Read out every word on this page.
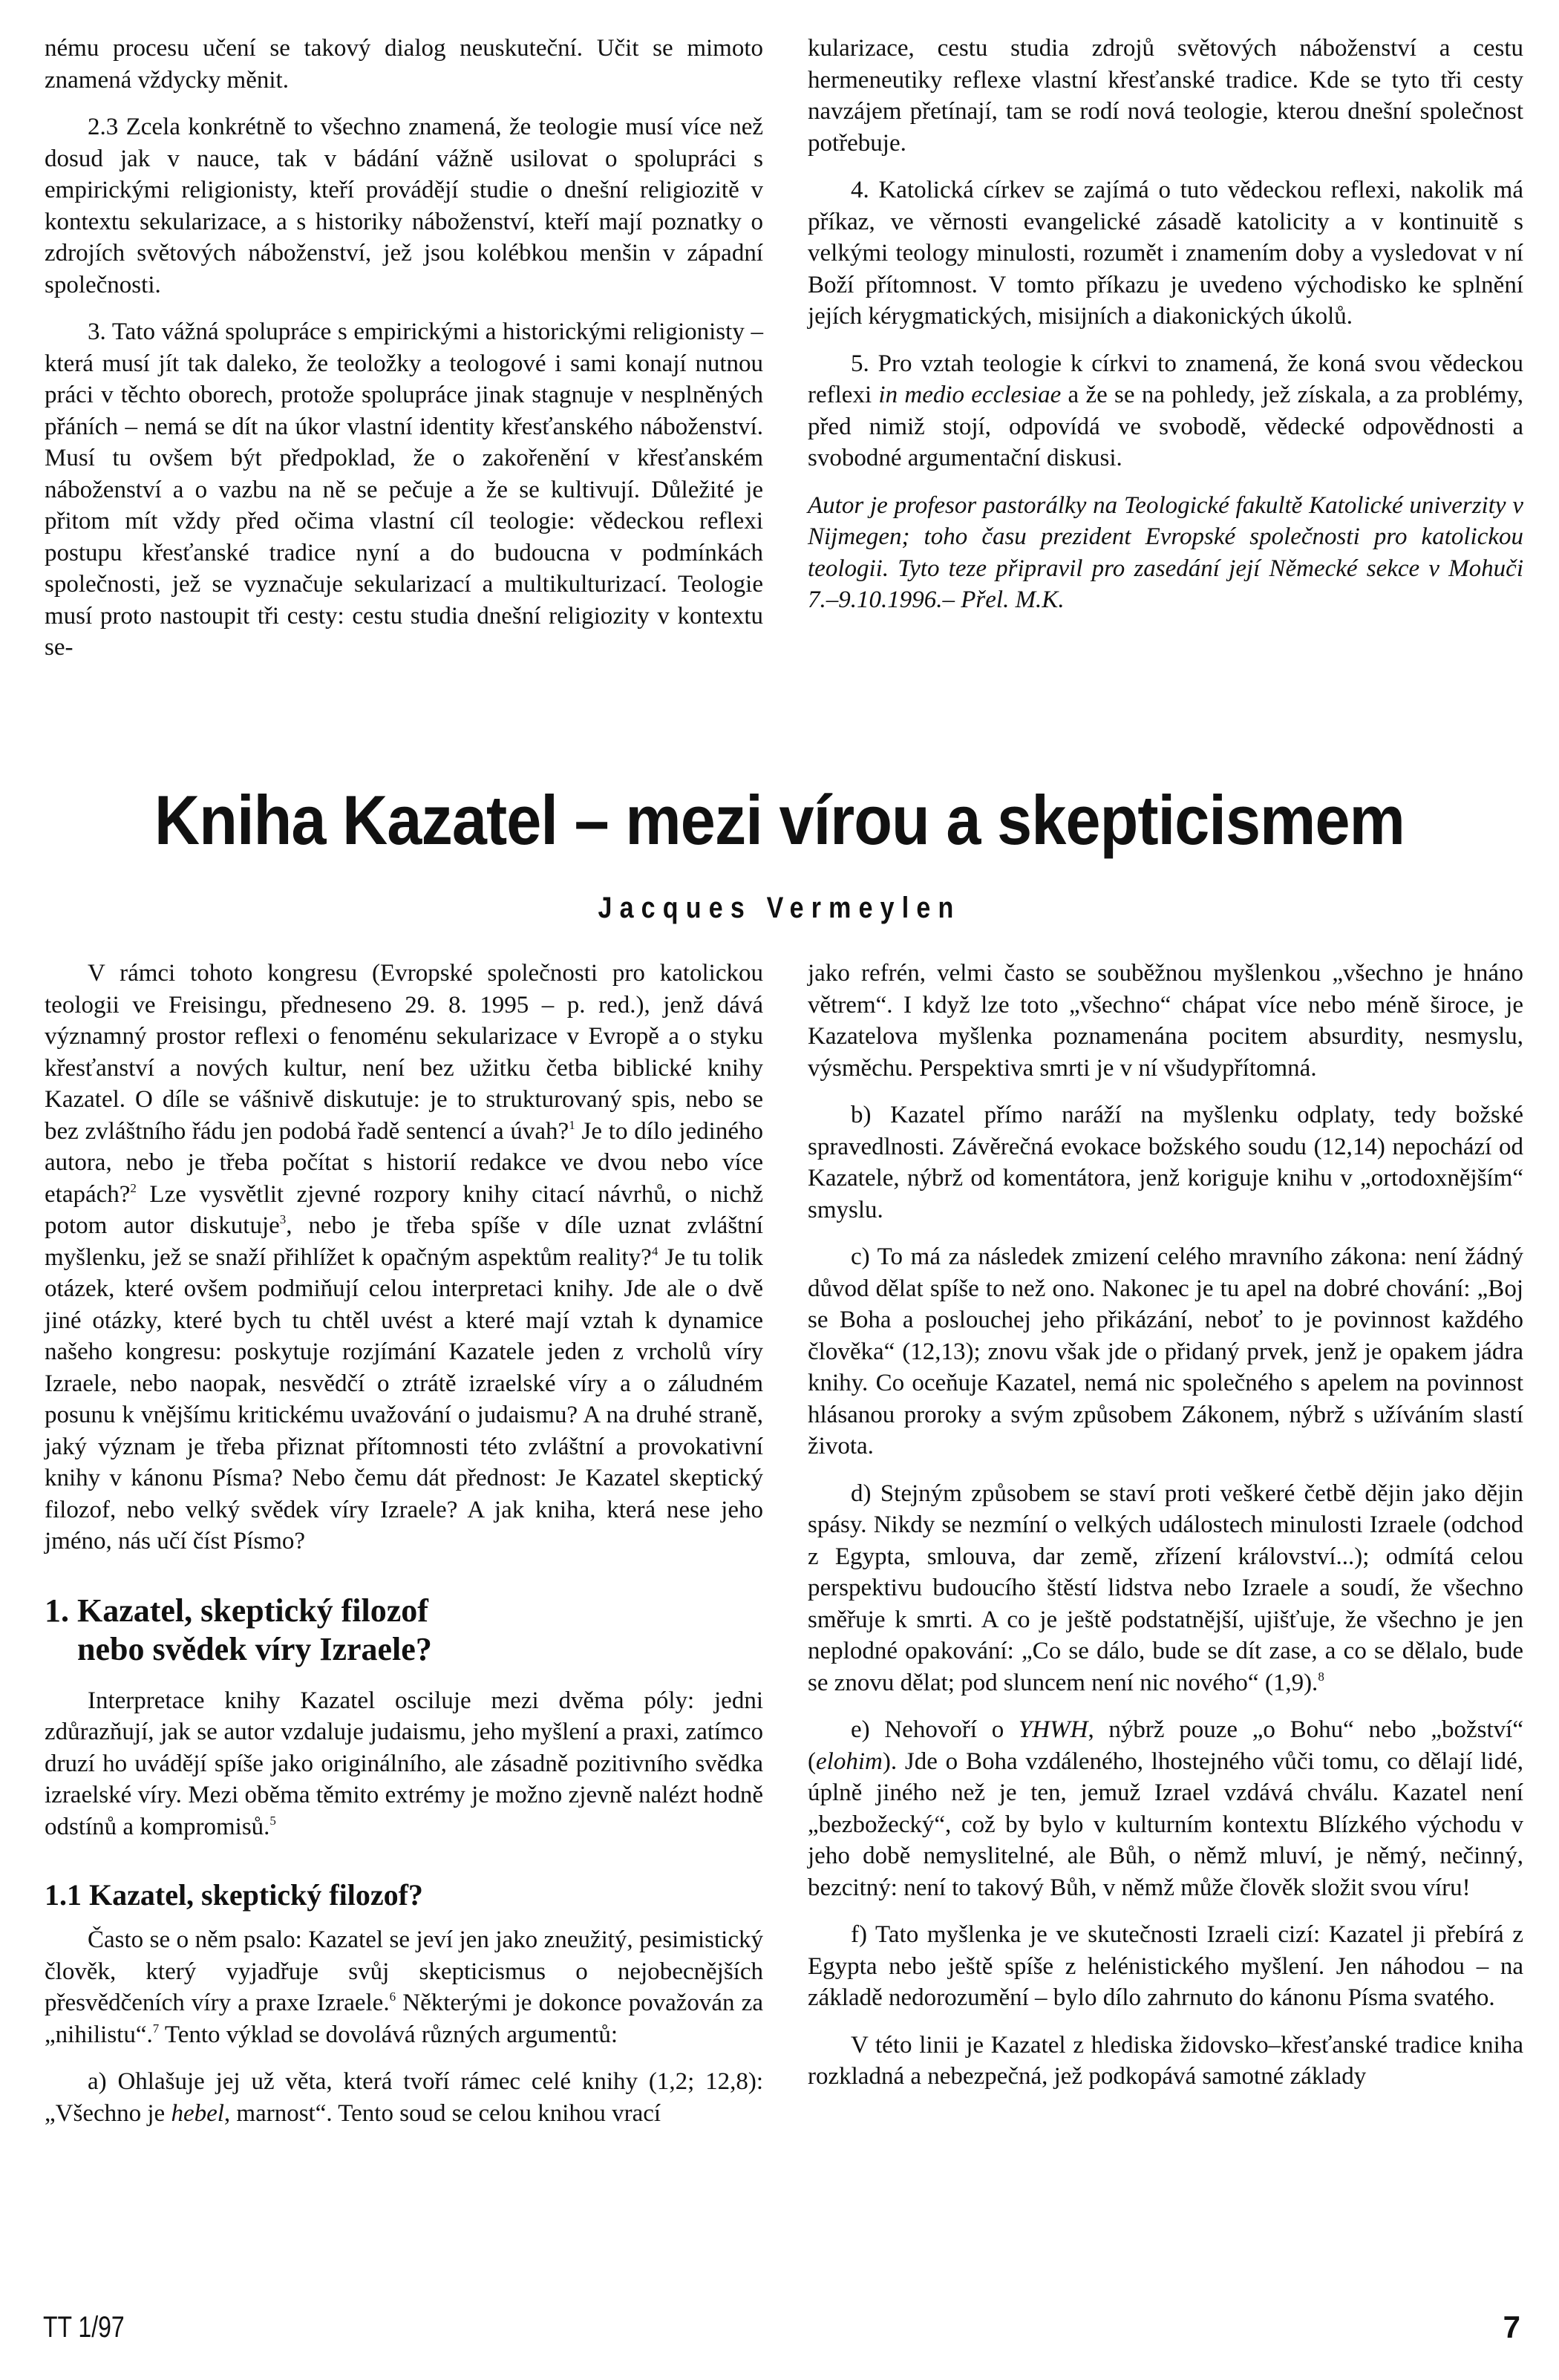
nému procesu učení se takový dialog neuskuteční. Učit se mimoto znamená vždycky měnit.

2.3 Zcela konkrétně to všechno znamená, že teologie musí více než dosud jak v nauce, tak v bádání vážně usilovat o spolupráci s empirickými religionisty, kteří provádějí studie o dnešní religiozitě v kontextu sekularizace, a s historiky náboženství, kteří mají poznatky o zdrojích světových náboženství, jež jsou kolébkou menšin v západní společnosti.

3. Tato vážná spolupráce s empirickými a historickými religionisty – která musí jít tak daleko, že teoložky a teologové i sami konají nutnou práci v těchto oborech, protože spolupráce jinak stagnuje v nesplněných přáních – nemá se dít na úkor vlastní identity křesťanského náboženství. Musí tu ovšem být předpoklad, že o zakořenění v křesťanském náboženství a o vazbu na ně se pečuje a že se kultivují. Důležité je přitom mít vždy před očima vlastní cíl teologie: vědeckou reflexi postupu křesťanské tradice nyní a do budoucna v podmínkách společnosti, jež se vyznačuje sekularizací a multikulturizací. Teologie musí proto nastoupit tři cesty: cestu studia dnešní religiozity v kontextu se-

kularizace, cestu studia zdrojů světových náboženství a cestu hermeneutiky reflexe vlastní křesťanské tradice. Kde se tyto tři cesty navzájem přetínají, tam se rodí nová teologie, kterou dnešní společnost potřebuje.

4. Katolická církev se zajímá o tuto vědeckou reflexi, nakolik má příkaz, ve věrnosti evangelické zásadě katolicity a v kontinuitě s velkými teology minulosti, rozumět i znamením doby a vysledovat v ní Boží přítomnost. V tomto příkazu je uvedeno východisko ke splnění jejích kérygmatických, misijních a diakonických úkolů.

5. Pro vztah teologie k církvi to znamená, že koná svou vědeckou reflexi in medio ecclesiae a že se na pohledy, jež získala, a za problémy, před nimiž stojí, odpovídá ve svobodě, vědecké odpovědnosti a svobodné argumentační diskusi.

Autor je profesor pastorálky na Teologické fakultě Katolické univerzity v Nijmegen; toho času prezident Evropské společnosti pro katolickou teologii. Tyto teze připravil pro zasedání její Německé sekce v Mohuči 7.–9.10.1996.– Přel. M.K.

Kniha Kazatel – mezi vírou a skepticismem
Jacques Vermeylen

V rámci tohoto kongresu (Evropské společnosti pro katolickou teologii ve Freisingu, předneseno 29. 8. 1995 – p. red.), jenž dává významný prostor reflexi o fenoménu sekularizace v Evropě a o styku křesťanství a nových kultur, není bez užitku četba biblické knihy Kazatel. O díle se vášnivě diskutuje: je to strukturovaný spis, nebo se bez zvláštního řádu jen podobá řadě sentencí a úvah?$^1$ Je to dílo jediného autora, nebo je třeba počítat s historií redakce ve dvou nebo více etapách?$^2$ Lze vysvětlit zjevné rozpory knihy citací návrhů, o nichž potom autor diskutuje$^3$, nebo je třeba spíše v díle uznat zvláštní myšlenku, jež se snaží přihlížet k opačným aspektům reality?$^4$ Je tu tolik otázek, které ovšem podmiňují celou interpretaci knihy. Jde ale o dvě jiné otázky, které bych tu chtěl uvést a které mají vztah k dynamice našeho kongresu: poskytuje rozjímání Kazatele jeden z vrcholů víry Izraele, nebo naopak, nesvědčí o ztrátě izraelské víry a o záludném posunu k vnějšímu kritickému uvažování o judaismu? A na druhé straně, jaký význam je třeba přiznat přítomnosti této zvláštní a provokativní knihy v kánonu Písma? Nebo čemu dát přednost: Je Kazatel skeptický filozof, nebo velký svědek víry Izraele? A jak kniha, která nese jeho jméno, nás učí číst Písmo?

1. Kazatel, skeptický filozof
nebo svědek víry Izraele?

Interpretace knihy Kazatel osciluje mezi dvěma póly: jedni zdůrazňují, jak se autor vzdaluje judaismu, jeho myšlení a praxi, zatímco druzí ho uvádějí spíše jako originálního, ale zásadně pozitivního svědka izraelské víry. Mezi oběma těmito extrémy je možno zjevně nalézt hodně odstínů a kompromisů.$^5$

1.1 Kazatel, skeptický filozof?

Často se o něm psalo: Kazatel se jeví jen jako zneužitý, pesimistický člověk, který vyjadřuje svůj skepticismus o nejobecnějších přesvědčeních víry a praxe Izraele.$^6$ Některými je dokonce považován za „nihilistu“.$^7$ Tento výklad se dovolává různých argumentů:

a) Ohlašuje jej už věta, která tvoří rámec celé knihy (1,2; 12,8): „Všechno je hebel, marnost“. Tento soud se celou knihou vrací

jako refrén, velmi často se souběžnou myšlenkou „všechno je hnáno větrem“. I když lze toto „všechno“ chápat více nebo méně široce, je Kazatelova myšlenka poznamenána pocitem absurdity, nesmyslu, výsměchu. Perspektiva smrti je v ní všudypřítomná.

b) Kazatel přímo naráží na myšlenku odplaty, tedy božské spravedlnosti. Závěrečná evokace božského soudu (12,14) nepochází od Kazatele, nýbrž od komentátora, jenž koriguje knihu v „ortodoxnějším“ smyslu.

c) To má za následek zmizení celého mravního zákona: není žádný důvod dělat spíše to než ono. Nakonec je tu apel na dobré chování: „Boj se Boha a poslouchej jeho přikázání, neboť to je povinnost každého člověka“ (12,13); znovu však jde o přidaný prvek, jenž je opakem jádra knihy. Co oceňuje Kazatel, nemá nic společného s apelem na povinnost hlásanou proroky a svým způsobem Zákonem, nýbrž s užíváním slastí života.

d) Stejným způsobem se staví proti veškeré četbě dějin jako dějin spásy. Nikdy se nezmíní o velkých událostech minulosti Izraele (odchod z Egypta, smlouva, dar země, zřízení království...); odmítá celou perspektivu budoucího štěstí lidstva nebo Izraele a soudí, že všechno směřuje k smrti. A co je ještě podstatnější, ujišťuje, že všechno je jen neplodné opakování: „Co se dálo, bude se dít zase, a co se dělalo, bude se znovu dělat; pod sluncem není nic nového“ (1,9).$^8$

e) Nehovoří o YHWH, nýbrž pouze „o Bohu“ nebo „božství“ (elohim). Jde o Boha vzdáleného, lhostejného vůči tomu, co dělají lidé, úplně jiného než je ten, jemuž Izrael vzdává chválu. Kazatel není „bezbožecký“, což by bylo v kulturním kontextu Blízkého východu v jeho době nemyslitelné, ale Bůh, o němž mluví, je němý, nečinný, bezcitný: není to takový Bůh, v němž může člověk složit svou víru!

f) Tato myšlenka je ve skutečnosti Izraeli cizí: Kazatel ji přebírá z Egypta nebo ještě spíše z helénistického myšlení. Jen náhodou – na základě nedorozumění – bylo dílo zahrnuto do kánonu Písma svatého.

V této linii je Kazatel z hlediska židovsko–křesťanské tradice kniha rozkladná a nebezpečná, jež podkopává samotné základy

TT 1/97	7
